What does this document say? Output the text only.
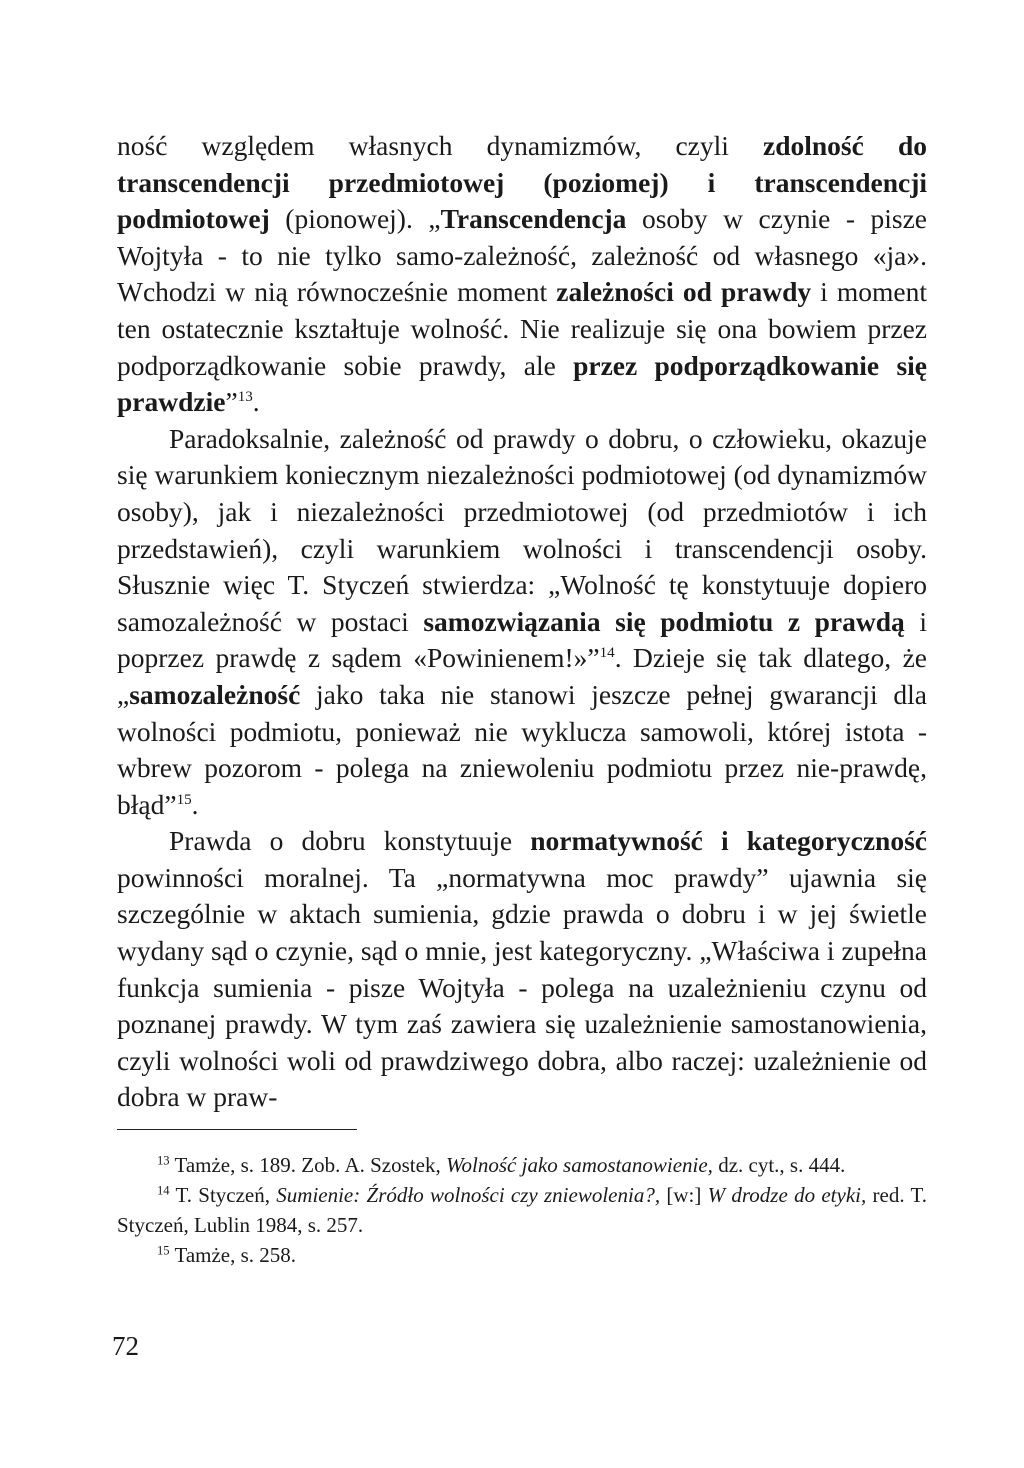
ność względem własnych dynamizmów, czyli zdolność do transcendencji przedmiotowej (poziomej) i transcendencji podmiotowej (pionowej). „Transcendencja osoby w czynie - pisze Wojtyła - to nie tylko samo-zależność, zależność od własnego «ja». Wchodzi w nią równocześnie moment zależności od prawdy i moment ten ostatecznie kształtuje wolność. Nie realizuje się ona bowiem przez podporządkowanie sobie prawdy, ale przez podporządkowanie się prawdzie”$^{13}$.

Paradoksalnie, zależność od prawdy o dobru, o człowieku, okazuje się warunkiem koniecznym niezależności podmiotowej (od dynamizmów osoby), jak i niezależności przedmiotowej (od przedmiotów i ich przedstawień), czyli warunkiem wolności i transcendencji osoby. Słusznie więc T. Styczeń stwierdza: „Wolność tę konstytuuje dopiero samozależność w postaci samozwiązania się podmiotu z prawdą i poprzez prawdę z sądem «Powinienem!»”$^{14}$. Dzieje się tak dlatego, że „samozależność jako taka nie stanowi jeszcze pełnej gwarancji dla wolności podmiotu, ponieważ nie wyklucza samowoli, której istota - wbrew pozorom - polega na zniewoleniu podmiotu przez nie-prawdę, błąd”$^{15}$.

Prawda o dobru konstytuuje normatywność i kategoryczność powinności moralnej. Ta „normatywna moc prawdy” ujawnia się szczególnie w aktach sumienia, gdzie prawda o dobru i w jej świetle wydany sąd o czynie, sąd o mnie, jest kategoryczny. „Właściwa i zupełna funkcja sumienia - pisze Wojtyła - polega na uzależnieniu czynu od poznanej prawdy. W tym zaś zawiera się uzależnienie samostanowienia, czyli wolności woli od prawdziwego dobra, albo raczej: uzależnienie od dobra w praw-

$^{13}$ Tamże, s. 189. Zob. A. Szostek, Wolność jako samostanowienie, dz. cyt., s. 444.

$^{14}$ T. Styczeń, Sumienie: Źródło wolności czy zniewolenia?, [w:] W drodze do etyki, red. T. Styczeń, Lublin 1984, s. 257.

$^{15}$ Tamże, s. 258.

72
